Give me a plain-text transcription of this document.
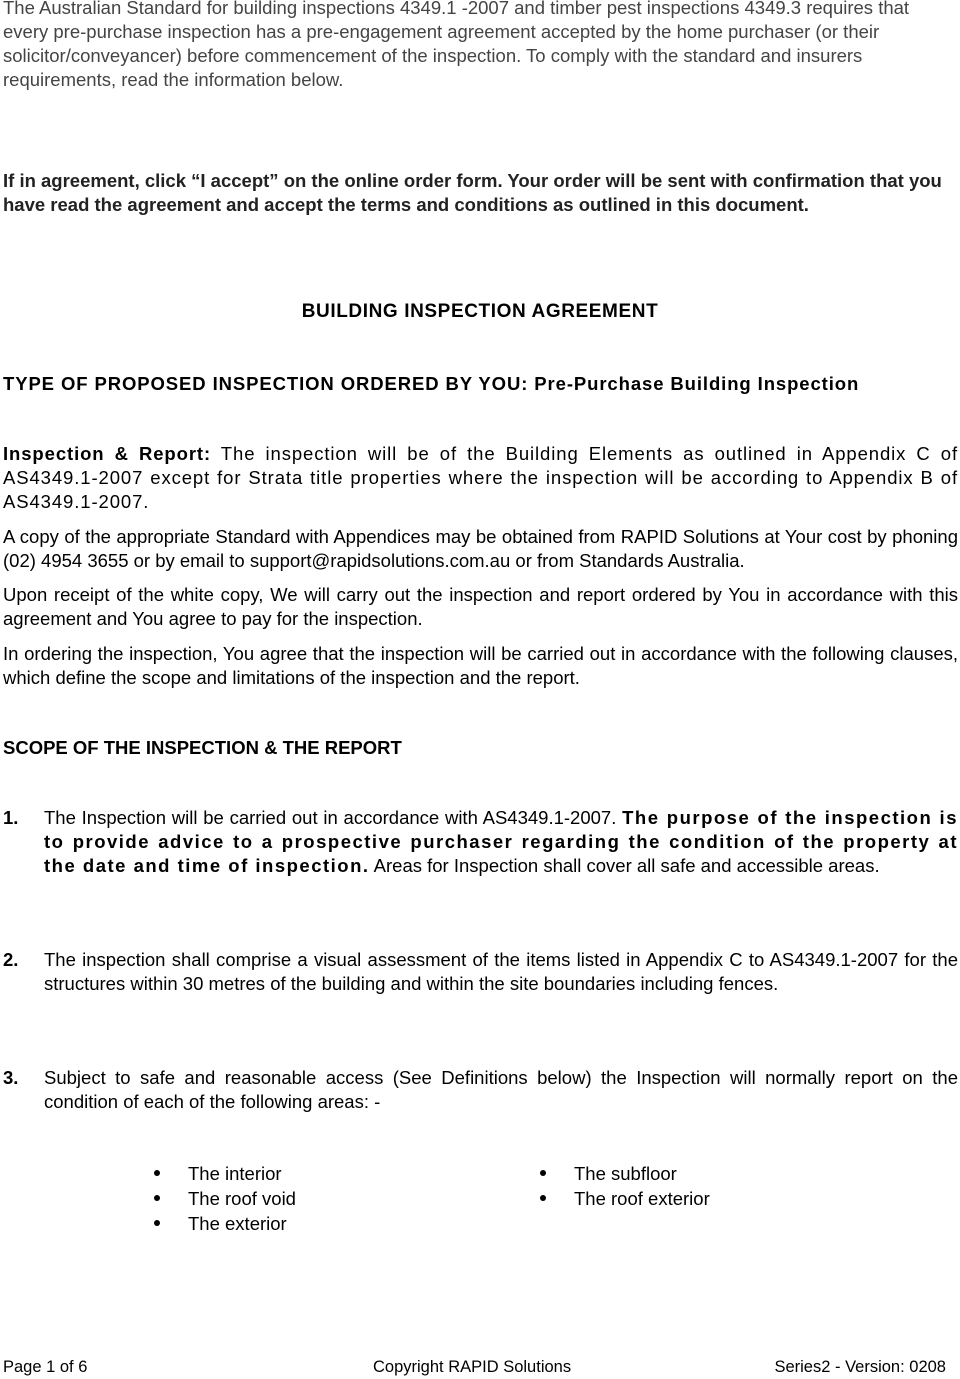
The Australian Standard for building inspections 4349.1 -2007 and timber pest inspections 4349.3 requires that every pre-purchase inspection has a pre-engagement agreement accepted by the home purchaser (or their solicitor/conveyancer) before commencement of the inspection. To comply with the standard and insurers requirements, read the information below.

If in agreement, click “I accept” on the online order form. Your order will be sent with confirmation that you have read the agreement and accept the terms and conditions as outlined in this document.

BUILDING INSPECTION AGREEMENT
TYPE OF PROPOSED INSPECTION ORDERED BY YOU: Pre-Purchase Building Inspection

Inspection & Report: The inspection will be of the Building Elements as outlined in Appendix C of AS4349.1-2007 except for Strata title properties where the inspection will be according to Appendix B of AS4349.1-2007.

A copy of the appropriate Standard with Appendices may be obtained from RAPID Solutions at Your cost by phoning (02) 4954 3655 or by email to support@rapidsolutions.com.au or from Standards Australia.

Upon receipt of the white copy, We will carry out the inspection and report ordered by You in accordance with this agreement and You agree to pay for the inspection.

In ordering the inspection, You agree that the inspection will be carried out in accordance with the following clauses, which define the scope and limitations of the inspection and the report.

SCOPE OF THE INSPECTION & THE REPORT
1. The Inspection will be carried out in accordance with AS4349.1-2007. The purpose of the inspection is to provide advice to a prospective purchaser regarding the condition of the property at the date and time of inspection. Areas for Inspection shall cover all safe and accessible areas.

2. The inspection shall comprise a visual assessment of the items listed in Appendix C to AS4349.1-2007 for the structures within 30 metres of the building and within the site boundaries including fences.

3. Subject to safe and reasonable access (See Definitions below) the Inspection will normally report on the condition of each of the following areas: -

The interior
The roof void
The exterior
The subfloor
The roof exterior
Page 1 of 6	Copyright RAPID Solutions	Series2 - Version: 0208
